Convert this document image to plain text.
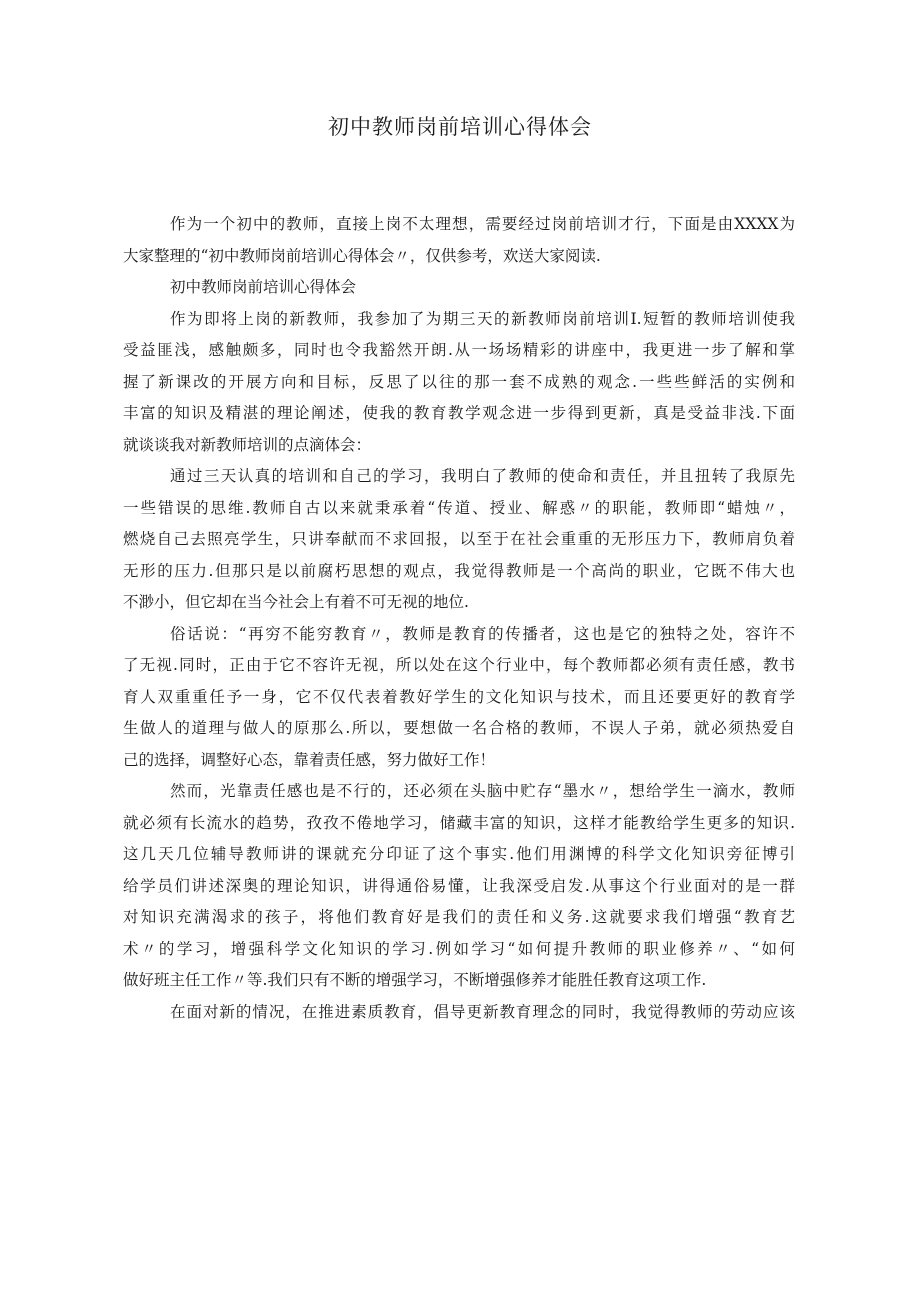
初中教师岗前培训心得体会
作为一个初中的教师，直接上岗不太理想，需要经过岗前培训才行，下面是由XXXX为
大家整理的“初中教师岗前培训心得体会〃，仅供参考，欢送大家阅读.
初中教师岗前培训心得体会
作为即将上岗的新教师，我参加了为期三天的新教师岗前培训I.短暂的教师培训使我
受益匪浅，感触颇多，同时也令我豁然开朗.从一场场精彩的讲座中，我更进一步了解和掌
握了新课改的开展方向和目标，反思了以往的那一套不成熟的观念.一些些鲜活的实例和
丰富的知识及精湛的理论阐述，使我的教育教学观念进一步得到更新，真是受益非浅.下面
就谈谈我对新教师培训的点滴体会：
通过三天认真的培训和自己的学习，我明白了教师的使命和责任，并且扭转了我原先
一些错误的思维.教师自古以来就秉承着“传道、授业、解惑〃的职能，教师即“蜡烛〃，
燃烧自己去照亮学生，只讲奉献而不求回报，以至于在社会重重的无形压力下，教师肩负着
无形的压力.但那只是以前腐朽思想的观点，我觉得教师是一个高尚的职业，它既不伟大也
不渺小，但它却在当今社会上有着不可无视的地位.
俗话说：“再穷不能穷教育〃，教师是教育的传播者，这也是它的独特之处，容许不
了无视.同时，正由于它不容许无视，所以处在这个行业中，每个教师都必须有责任感，教书
育人双重重任予一身，它不仅代表着教好学生的文化知识与技术，而且还要更好的教育学
生做人的道理与做人的原那么.所以，要想做一名合格的教师，不误人子弟，就必须热爱自
己的选择，调整好心态，靠着责任感，努力做好工作！
然而，光靠责任感也是不行的，还必须在头脑中贮存“墨水〃，想给学生一滴水，教师
就必须有长流水的趋势，孜孜不倦地学习，储藏丰富的知识，这样才能教给学生更多的知识.
这几天几位辅导教师讲的课就充分印证了这个事实.他们用渊博的科学文化知识旁征博引
给学员们讲述深奥的理论知识，讲得通俗易懂，让我深受启发.从事这个行业面对的是一群
对知识充满渴求的孩子，将他们教育好是我们的责任和义务.这就要求我们增强“教育艺
术〃的学习，增强科学文化知识的学习.例如学习“如何提升教师的职业修养〃、“如何
做好班主任工作〃等.我们只有不断的增强学习，不断增强修养才能胜任教育这项工作.
在面对新的情况，在推进素质教育，倡导更新教育理念的同时，我觉得教师的劳动应该
